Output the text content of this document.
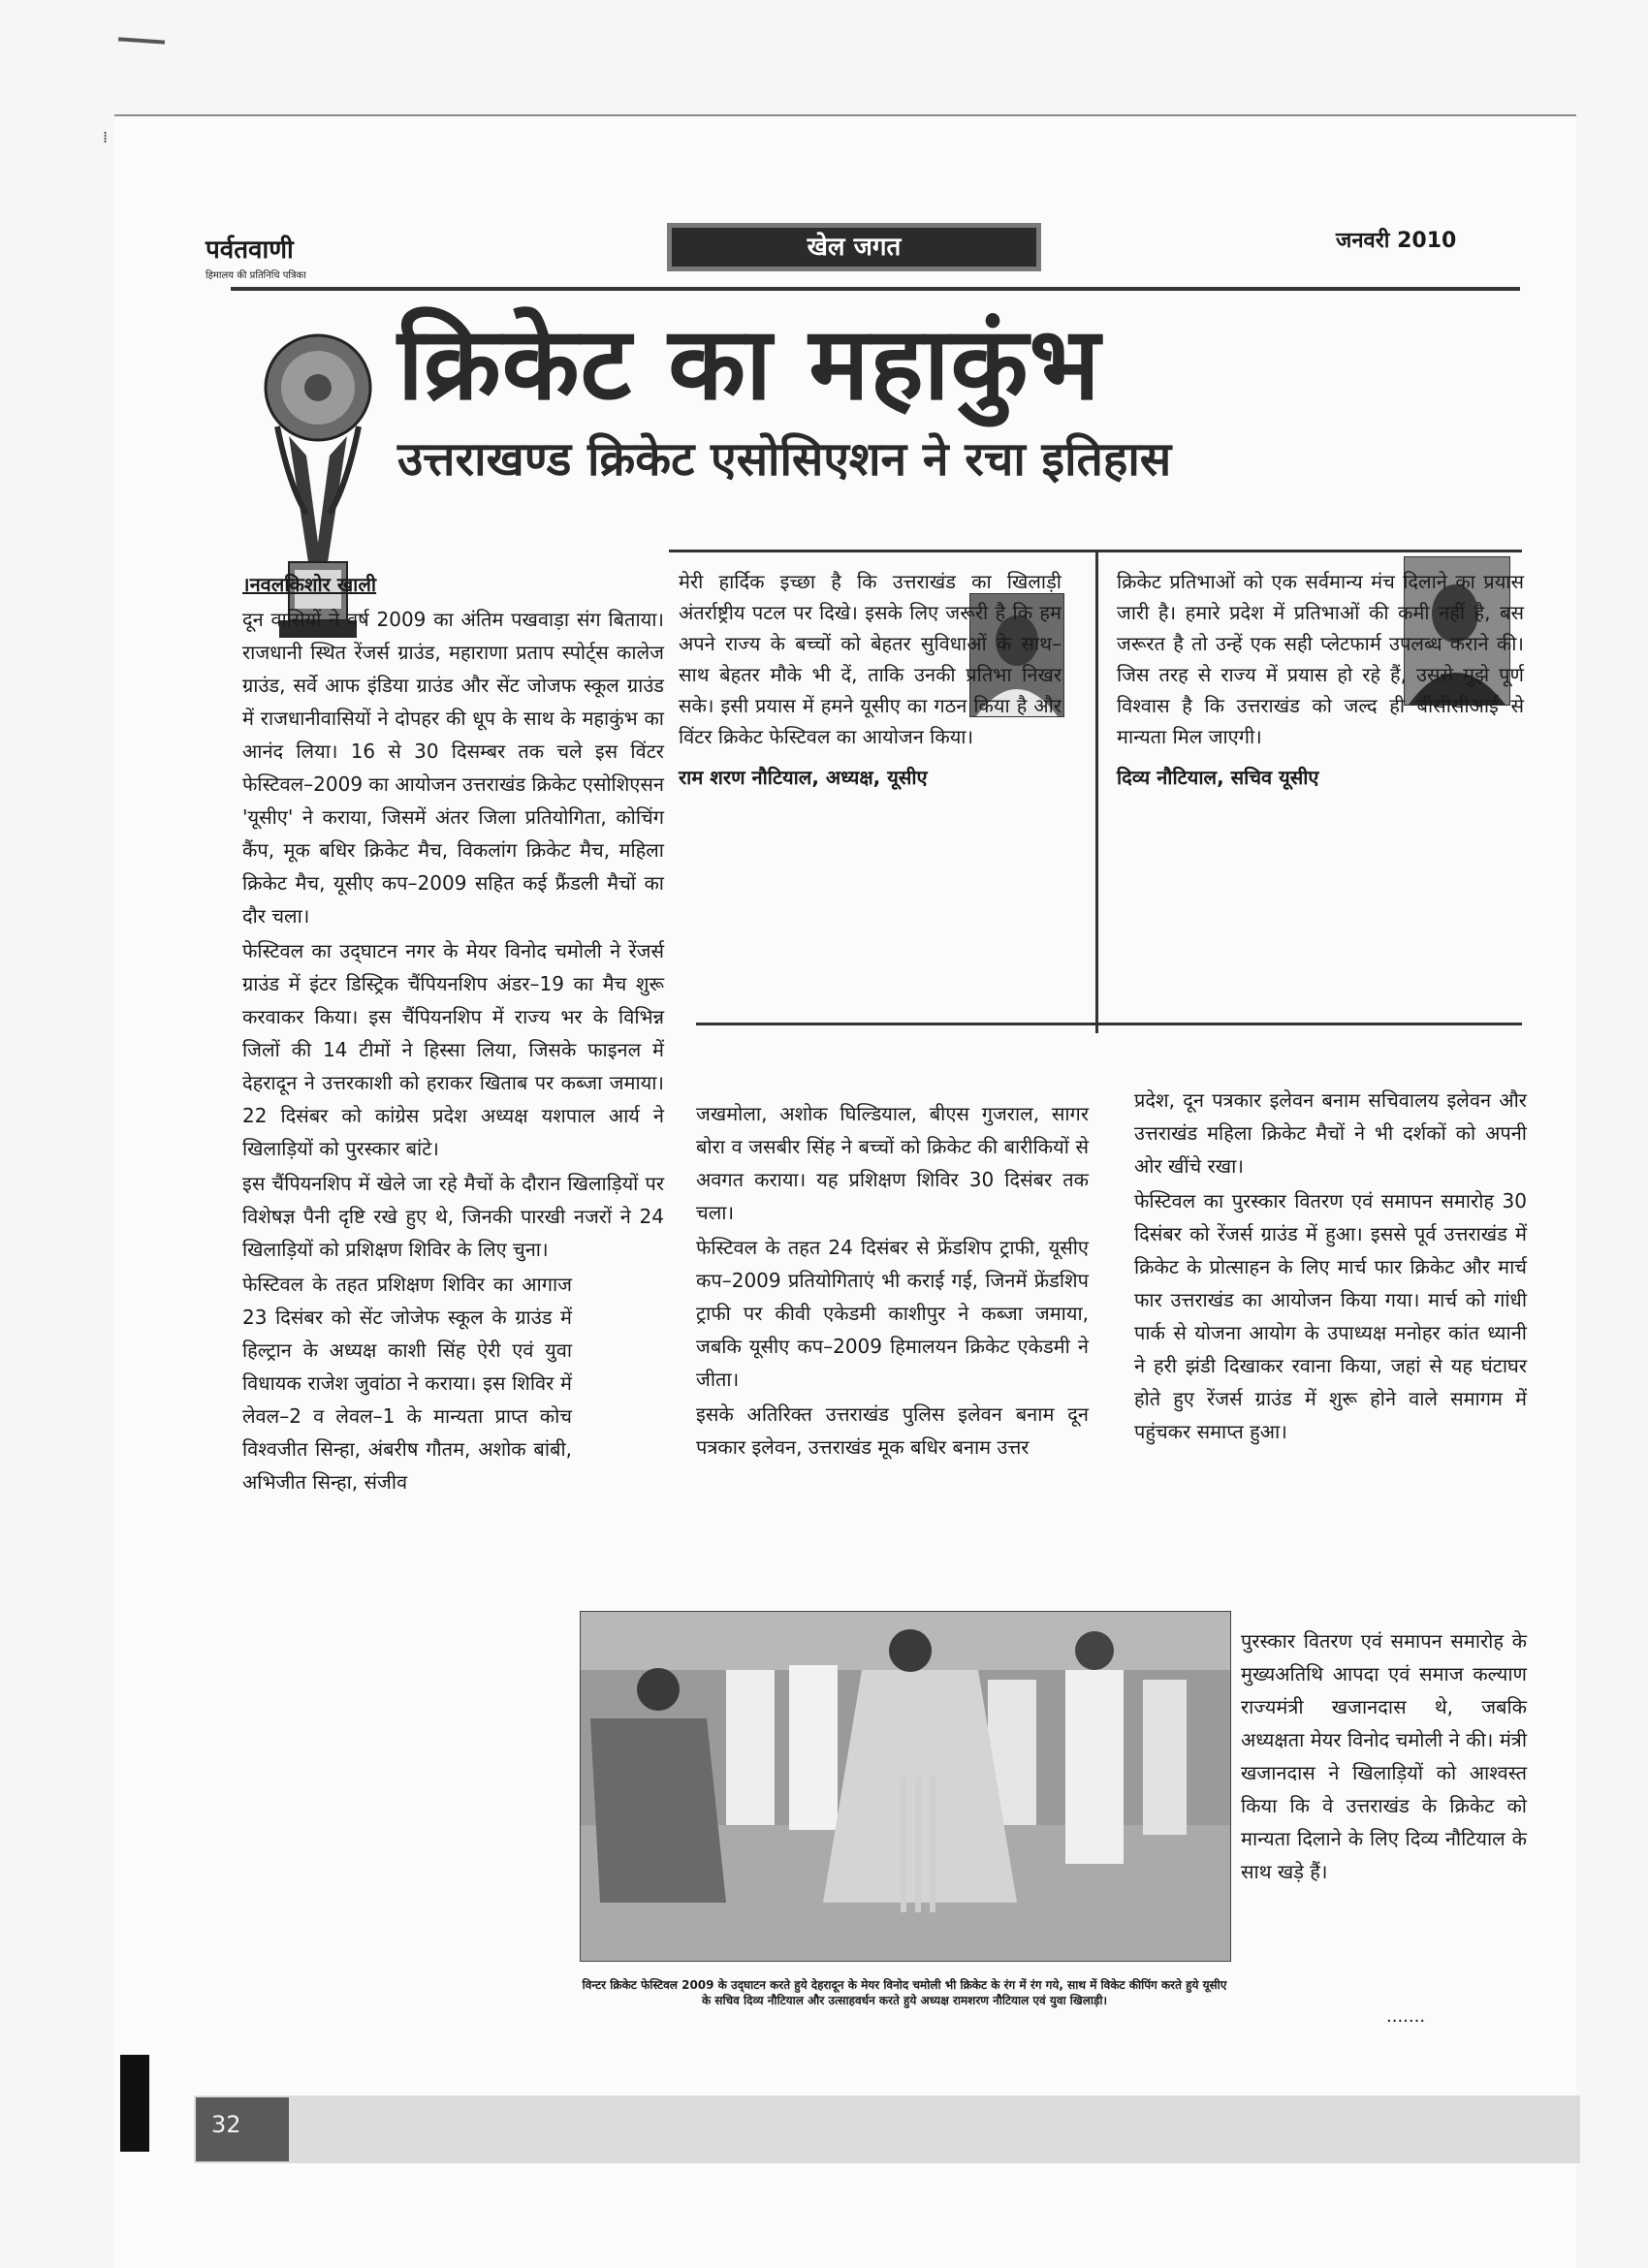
⁞
पर्वतवाणी
हिमालय की प्रतिनिधि पत्रिका
खेल जगत	जनवरी 2010
क्रिकेट का महाकुंभ
उत्तराखण्ड क्रिकेट एसोसिएशन ने रचा इतिहास

।नवलकिशोर खाली

दून वासियों ने वर्ष 2009 का अंतिम पखवाड़ा संग बिताया। राजधानी स्थित रेंजर्स ग्राउंड, महाराणा प्रताप स्पोर्ट्स कालेज ग्राउंड, सर्वे आफ इंडिया ग्राउंड और सेंट जोजफ स्कूल ग्राउंड में राजधानीवासियों ने दोपहर की धूप के साथ के महाकुंभ का आनंद लिया। 16 से 30 दिसम्बर तक चले इस विंटर फेस्टिवल–2009 का आयोजन उत्तराखंड क्रिकेट एसोशिएसन 'यूसीए' ने कराया, जिसमें अंतर जिला प्रतियोगिता, कोचिंग कैंप, मूक बधिर क्रिकेट मैच, विकलांग क्रिकेट मैच, महिला क्रिकेट मैच, यूसीए कप–2009 सहित कई फ्रैंडली मैचों का दौर चला।

फेस्टिवल का उद्‌घाटन नगर के मेयर विनोद चमोली ने रेंजर्स ग्राउंड में इंटर डिस्ट्रिक चैंपियनशिप अंडर–19 का मैच शुरू करवाकर किया। इस चैंपियनशिप में राज्य भर के विभिन्न जिलों की 14 टीमों ने हिस्सा लिया, जिसके फाइनल में देहरादून ने उत्तरकाशी को हराकर खिताब पर कब्जा जमाया। 22 दिसंबर को कांग्रेस प्रदेश अध्यक्ष यशपाल आर्य ने खिलाड़ियों को पुरस्कार बांटे।

इस चैंपियनशिप में खेले जा रहे मैचों के दौरान खिलाड़ियों पर विशेषज्ञ पैनी दृष्टि रखे हुए थे, जिनकी पारखी नजरों ने 24 खिलाड़ियों को प्रशिक्षण शिविर के लिए चुना।

फेस्टिवल के तहत प्रशिक्षण शिविर का आगाज 23 दिसंबर को सेंट जोजेफ स्कूल के ग्राउंड में हिल्ट्रान के अध्यक्ष काशी सिंह ऐरी एवं युवा विधायक राजेश जुवांठा ने कराया। इस शिविर में लेवल–2 व लेवल–1 के मान्यता प्राप्त कोच विश्वजीत सिन्हा, अंबरीष गौतम, अशोक बांबी, अभिजीत सिन्हा, संजीव

मेरी हार्दिक इच्छा है कि उत्तराखंड का खिलाड़ी अंतर्राष्ट्रीय पटल पर दिखे। इसके लिए जरूरी है कि हम अपने राज्य के बच्चों को बेहतर सुविधाओं के साथ–साथ बेहतर मौके भी दें, ताकि उनकी प्रतिभा निखर सके। इसी प्रयास में हमने यूसीए का गठन किया है और विंटर क्रिकेट फेस्टिवल का आयोजन किया।
राम शरण नौटियाल, अध्यक्ष, यूसीए
क्रिकेट प्रतिभाओं को एक सर्वमान्य मंच दिलाने का प्रयास जारी है। हमारे प्रदेश में प्रतिभाओं की कमी नहीं है, बस जरूरत है तो उन्हें एक सही प्लेटफार्म उपलब्ध कराने की। जिस तरह से राज्य में प्रयास हो रहे हैं, उससे मुझे पूर्ण विश्वास है कि उत्तराखंड को जल्द ही बीसीसीआई से मान्यता मिल जाएगी।
दिव्य नौटियाल, सचिव यूसीए

जखमोला, अशोक घिल्डियाल, बीएस गुजराल, सागर बोरा व जसबीर सिंह ने बच्चों को क्रिकेट की बारीकियों से अवगत कराया। यह प्रशिक्षण शिविर 30 दिसंबर तक चला।

फेस्टिवल के तहत 24 दिसंबर से फ्रेंडशिप ट्राफी, यूसीए कप–2009 प्रतियोगिताएं भी कराई गई, जिनमें फ्रेंडशिप ट्राफी पर कीवी एकेडमी काशीपुर ने कब्जा जमाया, जबकि यूसीए कप–2009 हिमालयन क्रिकेट एकेडमी ने जीता।

इसके अतिरिक्त उत्तराखंड पुलिस इलेवन बनाम दून पत्रकार इलेवन, उत्तराखंड मूक बधिर बनाम उत्तर

प्रदेश, दून पत्रकार इलेवन बनाम सचिवालय इलेवन और उत्तराखंड महिला क्रिकेट मैचों ने भी दर्शकों को अपनी ओर खींचे रखा।

फेस्टिवल का पुरस्कार वितरण एवं समापन समारोह 30 दिसंबर को रेंजर्स ग्राउंड में हुआ। इससे पूर्व उत्तराखंड में क्रिकेट के प्रोत्साहन के लिए मार्च फार क्रिकेट और मार्च फार उत्तराखंड का आयोजन किया गया। मार्च को गांधी पार्क से योजना आयोग के उपाध्यक्ष मनोहर कांत ध्यानी ने हरी झंडी दिखाकर रवाना किया, जहां से यह घंटाघर होते हुए रेंजर्स ग्राउंड में शुरू होने वाले समागम में पहुंचकर समाप्त हुआ।

पुरस्कार वितरण एवं समापन समारोह के मुख्यअतिथि आपदा एवं समाज कल्याण राज्यमंत्री खजानदास थे, जबकि अध्यक्षता मेयर विनोद चमोली ने की। मंत्री खजानदास ने खिलाड़ियों को आश्वस्त किया कि वे उत्तराखंड के क्रिकेट को मान्यता दिलाने के लिए दिव्य नौटियाल के साथ खड़े हैं।

.......
विन्टर क्रिकेट फेस्टिवल 2009 के उद्‌घाटन करते हुये देहरादून के मेयर विनोद चमोली भी क्रिकेट के रंग में रंग गये, साथ में विकेट कीपिंग करते हुये यूसीए के सचिव दिव्य नौटियाल और उत्साहवर्धन करते हुये अध्यक्ष रामशरण नौटियाल एवं युवा खिलाड़ी।
32
